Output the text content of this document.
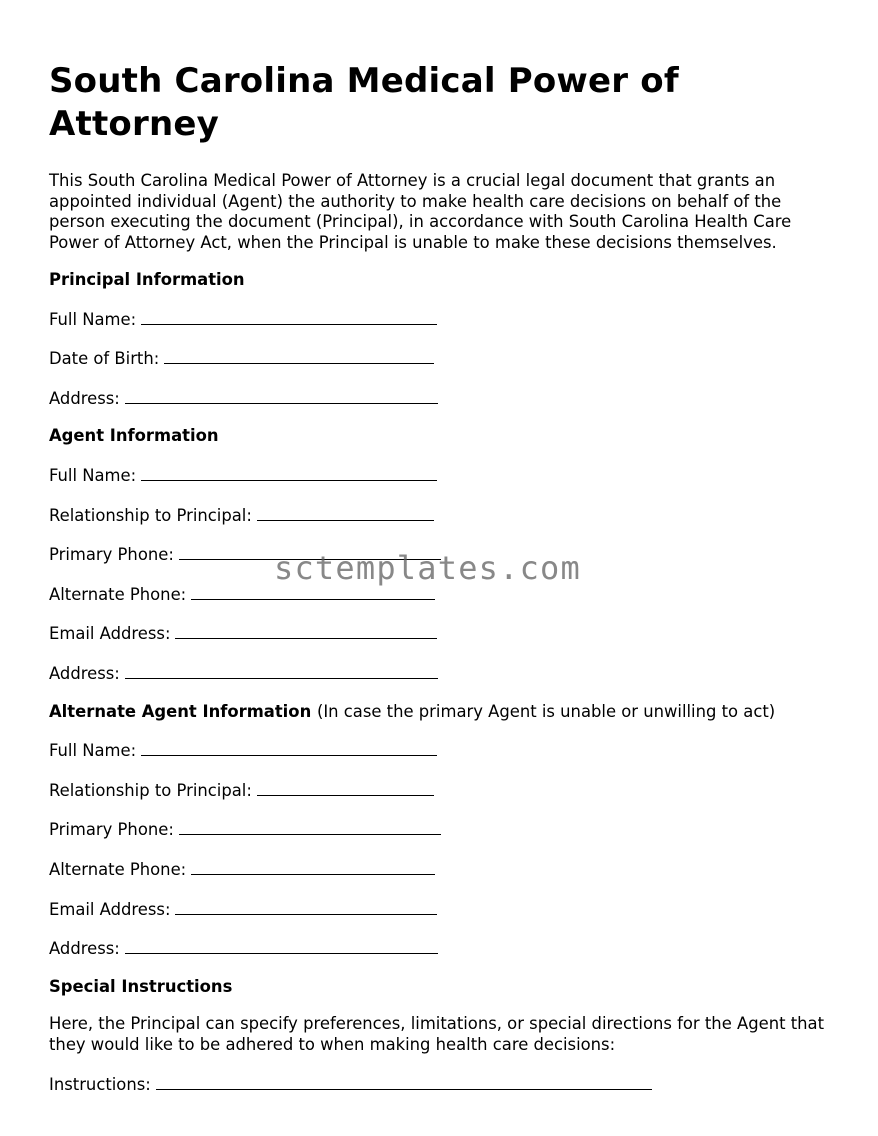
South Carolina Medical Power of Attorney

This South Carolina Medical Power of Attorney is a crucial legal document that grants an appointed individual (Agent) the authority to make health care decisions on behalf of the person executing the document (Principal), in accordance with South Carolina Health Care Power of Attorney Act, when the Principal is unable to make these decisions themselves.

Principal Information

Full Name:

Date of Birth:

Address:

Agent Information

Full Name:

Relationship to Principal:

Primary Phone:

Alternate Phone:

Email Address:

Address:

Alternate Agent Information (In case the primary Agent is unable or unwilling to act)

Full Name:

Relationship to Principal:

Primary Phone:

Alternate Phone:

Email Address:

Address:

Special Instructions

Here, the Principal can specify preferences, limitations, or special directions for the Agent that they would like to be adhered to when making health care decisions:

Instructions:

sctemplates.com
